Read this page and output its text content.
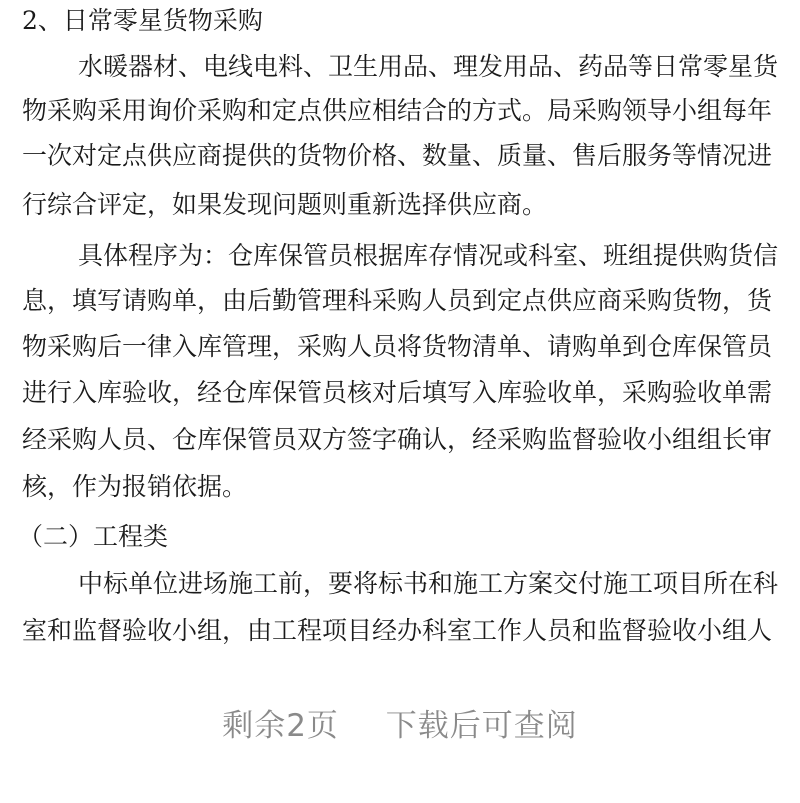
2、日常零星货物采购
水暖器材、电线电料、卫生用品、理发用品、药品等日常零星货
物采购采用询价采购和定点供应相结合的方式。局采购领导小组每年
一次对定点供应商提供的货物价格、数量、质量、售后服务等情况进
行综合评定，如果发现问题则重新选择供应商。
具体程序为：仓库保管员根据库存情况或科室、班组提供购货信
息，填写请购单，由后勤管理科采购人员到定点供应商采购货物，货
物采购后一律入库管理，采购人员将货物清单、请购单到仓库保管员
进行入库验收，经仓库保管员核对后填写入库验收单，采购验收单需
经采购人员、仓库保管员双方签字确认，经采购监督验收小组组长审
核，作为报销依据。
（二）工程类
中标单位进场施工前，要将标书和施工方案交付施工项目所在科
室和监督验收小组，由工程项目经办科室工作人员和监督验收小组人
剩余2页 下载后可查阅
